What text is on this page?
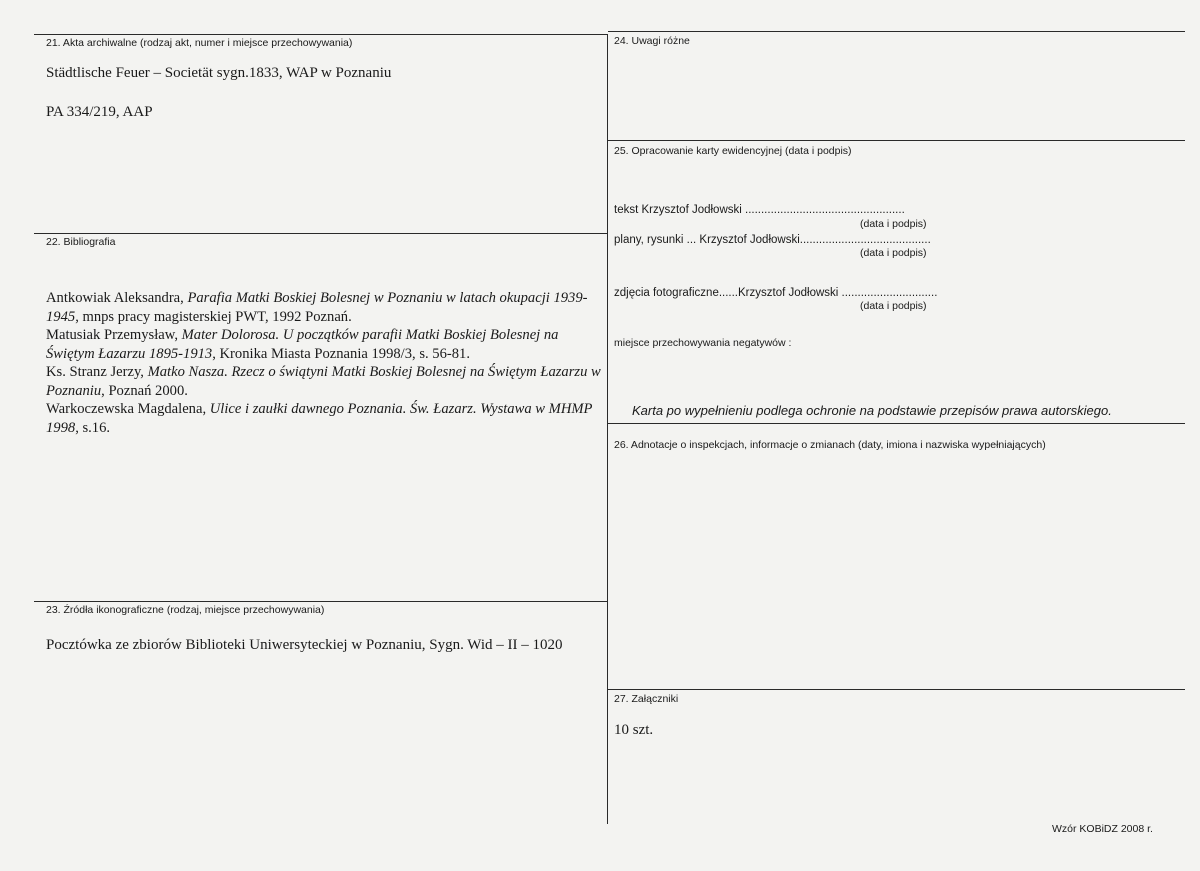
21. Akta archiwalne (rodzaj akt, numer i miejsce przechowywania)
Städtlische Feuer – Societät sygn.1833, WAP w Poznaniu
PA 334/219, AAP
22. Bibliografia
Antkowiak Aleksandra, Parafia Matki Boskiej Bolesnej w Poznaniu w latach okupacji 1939-1945, mnps pracy magisterskiej PWT, 1992 Poznań.
Matusiak Przemysław, Mater Dolorosa. U początków parafii Matki Boskiej Bolesnej na Świętym Łazarzu 1895-1913, Kronika Miasta Poznania 1998/3, s. 56-81.
Ks. Stranz Jerzy, Matko Nasza. Rzecz o świątyni Matki Boskiej Bolesnej na Świętym Łazarzu w Poznaniu, Poznań 2000.
Warkoczewska Magdalena, Ulice i zaułki dawnego Poznania. Św. Łazarz. Wystawa w MHMP 1998, s.16.
23. Źródła ikonograficzne (rodzaj, miejsce przechowywania)
Pocztówka ze zbiorów Biblioteki Uniwersyteckiej w Poznaniu, Sygn. Wid – II – 1020
24. Uwagi różne
25. Opracowanie karty ewidencyjnej (data i podpis)
tekst Krzysztof Jodłowski ..................................................
(data i podpis)
plany, rysunki ... Krzysztof Jodłowski.........................................
(data i podpis)
zdjęcia fotograficzne......Krzysztof Jodłowski ..............................
(data i podpis)
miejsce przechowywania negatywów :
Karta po wypełnieniu podlega ochronie na podstawie przepisów prawa autorskiego.
26. Adnotacje o inspekcjach, informacje o zmianach (daty, imiona i nazwiska wypełniających)
27. Załączniki
10 szt.
Wzór KOBiDZ 2008 r.
